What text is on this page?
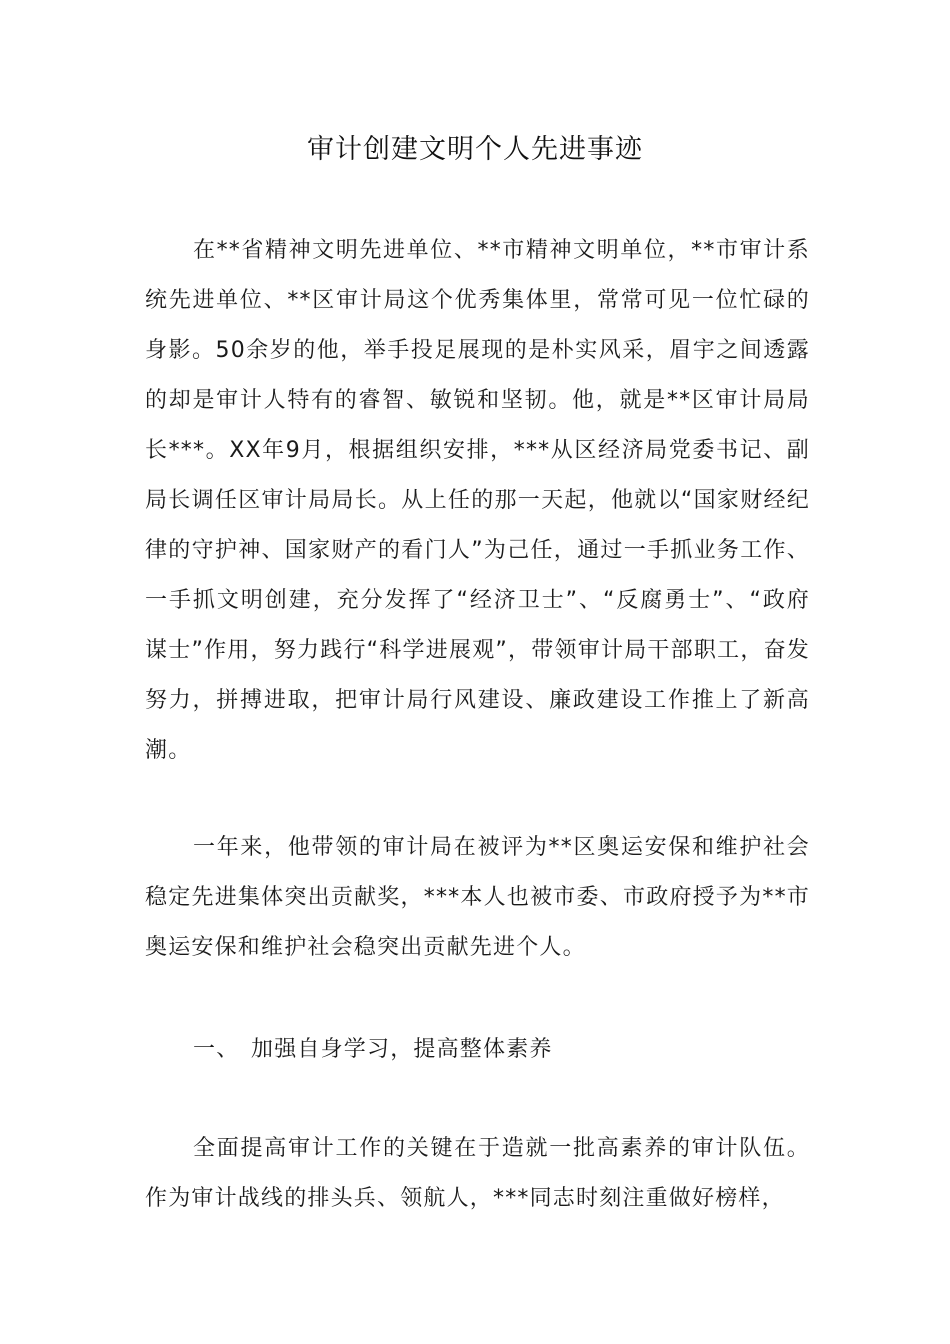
审计创建文明个人先进事迹

在**省精神文明先进单位、**市精神文明单位，**市审计系统先进单位、**区审计局这个优秀集体里，常常可见一位忙碌的身影。50余岁的他，举手投足展现的是朴实风采，眉宇之间透露的却是审计人特有的睿智、敏锐和坚韧。他，就是**区审计局局长***。XX年9月，根据组织安排，***从区经济局党委书记、副局长调任区审计局局长。从上任的那一天起，他就以“国家财经纪律的守护神、国家财产的看门人”为己任，通过一手抓业务工作、一手抓文明创建，充分发挥了“经济卫士”、“反腐勇士”、“政府谋士”作用，努力践行“科学进展观”，带领审计局干部职工，奋发努力，拼搏进取，把审计局行风建设、廉政建设工作推上了新高潮。

一年来，他带领的审计局在被评为**区奥运安保和维护社会稳定先进集体突出贡献奖，***本人也被市委、市政府授予为**市奥运安保和维护社会稳突出贡献先进个人。

一、 加强自身学习，提高整体素养

全面提高审计工作的关键在于造就一批高素养的审计队伍。作为审计战线的排头兵、领航人，***同志时刻注重做好榜样，
